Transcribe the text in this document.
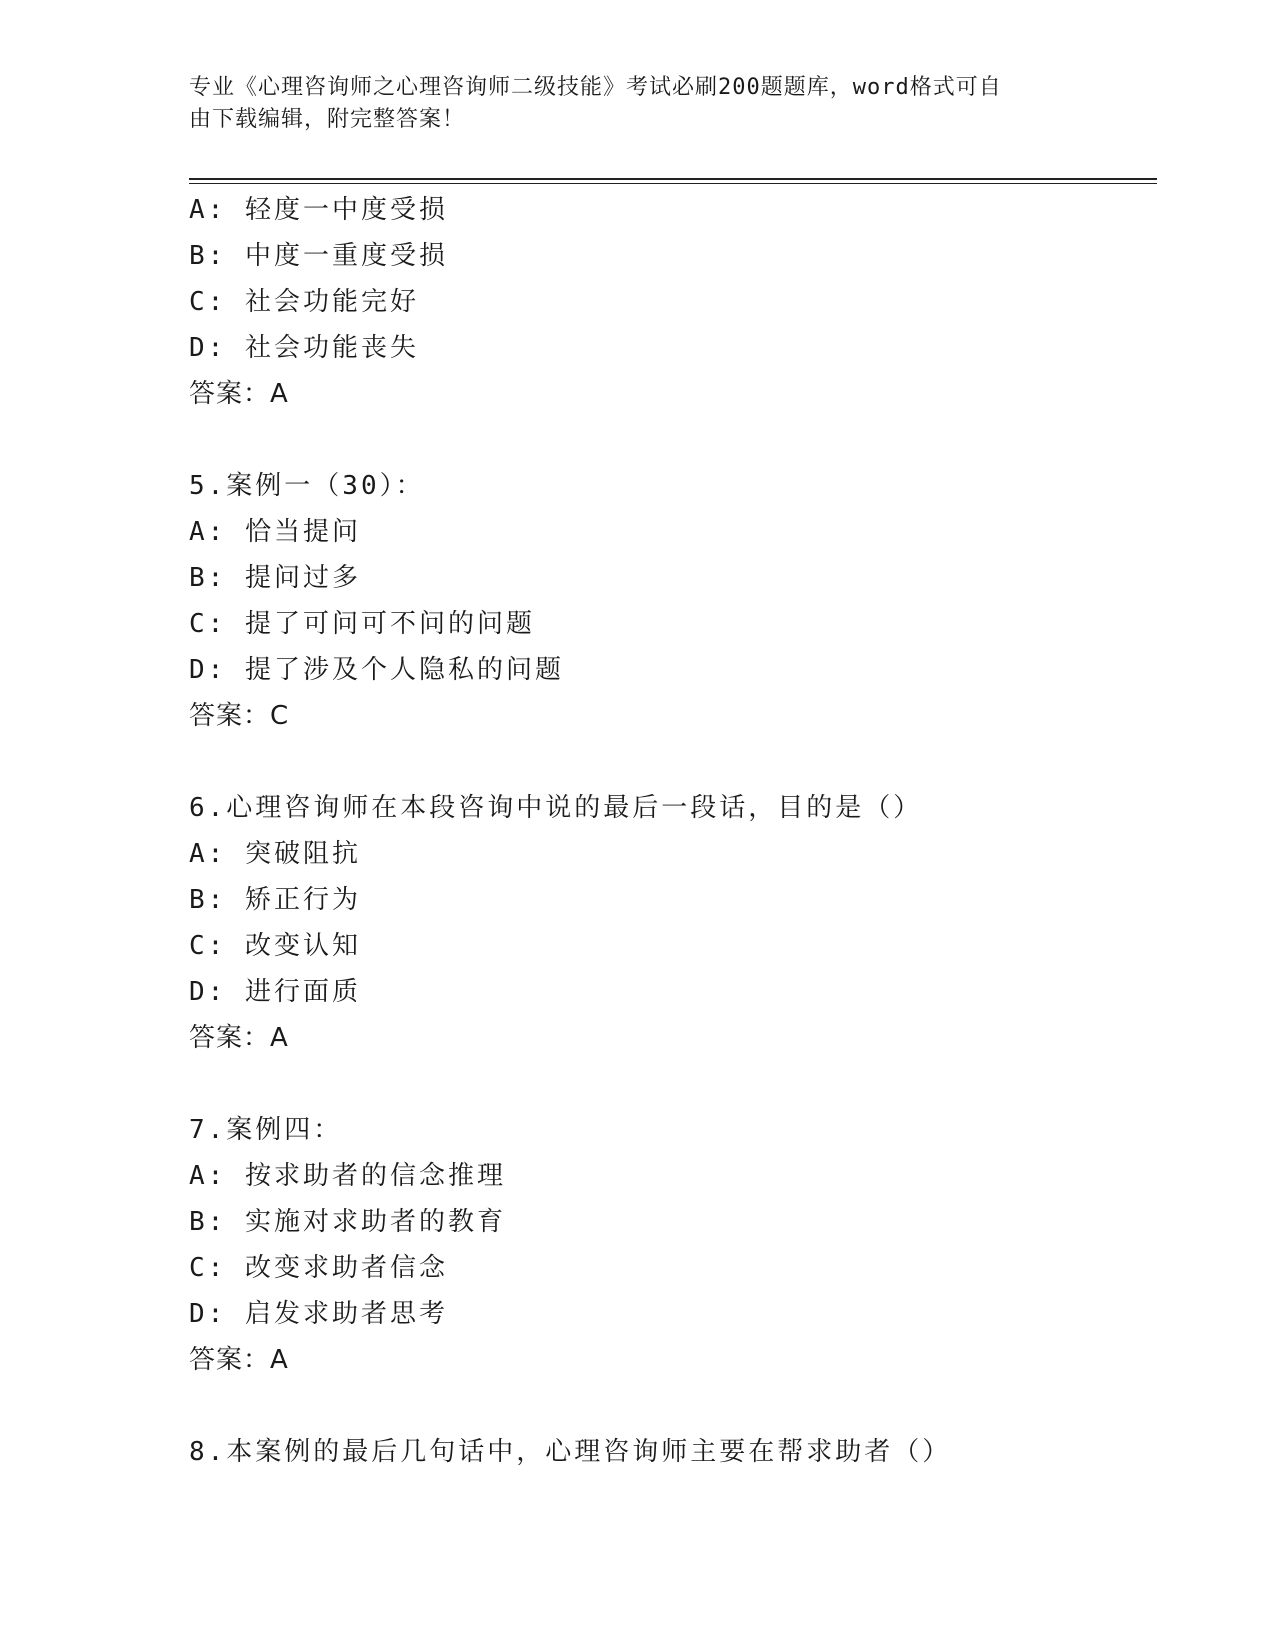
专业《心理咨询师之心理咨询师二级技能》考试必刷200题题库，word格式可自
由下载编辑，附完整答案！
A: 轻度一中度受损
B: 中度一重度受损
C: 社会功能完好
D: 社会功能丧失
答案：A
5.案例一（30）：
A: 恰当提问
B: 提问过多
C: 提了可问可不问的问题
D: 提了涉及个人隐私的问题
答案：C
6.心理咨询师在本段咨询中说的最后一段话，目的是（）
A: 突破阻抗
B: 矫正行为
C: 改变认知
D: 进行面质
答案：A
7.案例四：
A: 按求助者的信念推理
B: 实施对求助者的教育
C: 改变求助者信念
D: 启发求助者思考
答案：A
8.本案例的最后几句话中，心理咨询师主要在帮求助者（）
